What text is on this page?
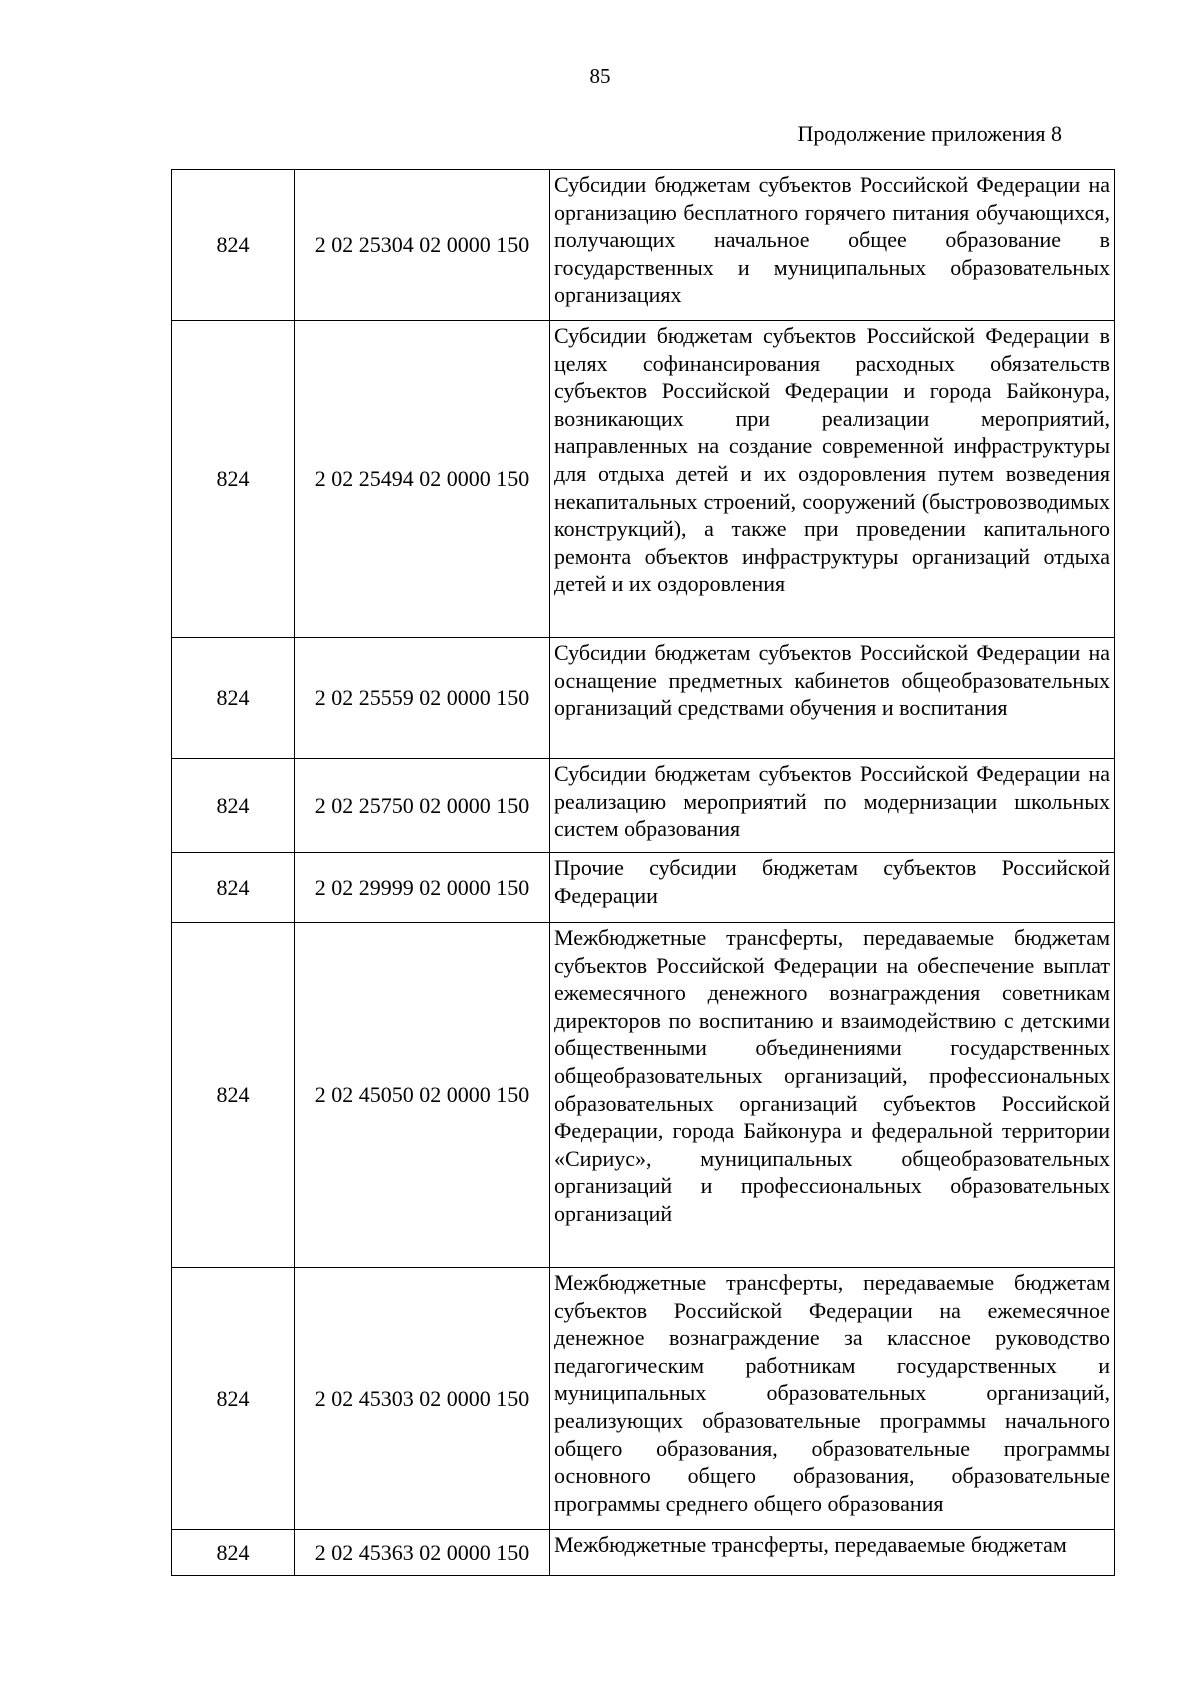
85
Продолжение приложения 8
824	2 02 25304 02 0000 150	Субсидии бюджетам субъектов Российской Федерации на организацию бесплатного горячего питания обучающихся, получающих начальное общее образование в государственных и муниципальных образовательных организациях
824	2 02 25494 02 0000 150	Субсидии бюджетам субъектов Российской Федерации в целях софинансирования расходных обязательств субъектов Российской Федерации и города Байконура, возникающих при реализации мероприятий, направленных на создание современной инфраструктуры для отдыха детей и их оздоровления путем возведения некапитальных строений, сооружений (быстровозводимых конструкций), а также при проведении капитального ремонта объектов инфраструктуры организаций отдыха детей и их оздоровления
824	2 02 25559 02 0000 150	Субсидии бюджетам субъектов Российской Федерации на оснащение предметных кабинетов общеобразовательных организаций средствами обучения и воспитания
824	2 02 25750 02 0000 150	Субсидии бюджетам субъектов Российской Федерации на реализацию мероприятий по модернизации школьных систем образования
824	2 02 29999 02 0000 150	Прочие субсидии бюджетам субъектов Российской Федерации
824	2 02 45050 02 0000 150	Межбюджетные трансферты, передаваемые бюджетам субъектов Российской Федерации на обеспечение выплат ежемесячного денежного вознаграждения советникам директоров по воспитанию и взаимодействию с детскими общественными объединениями государственных общеобразовательных организаций, профессиональных образовательных организаций субъектов Российской Федерации, города Байконура и федеральной территории «Сириус», муниципальных общеобразовательных организаций и профессиональных образовательных организаций
824	2 02 45303 02 0000 150	Межбюджетные трансферты, передаваемые бюджетам субъектов Российской Федерации на ежемесячное денежное вознаграждение за классное руководство педагогическим работникам государственных и муниципальных образовательных организаций, реализующих образовательные программы начального общего образования, образовательные программы основного общего образования, образовательные программы среднего общего образования
824	2 02 45363 02 0000 150	Межбюджетные трансферты, передаваемые бюджетам
